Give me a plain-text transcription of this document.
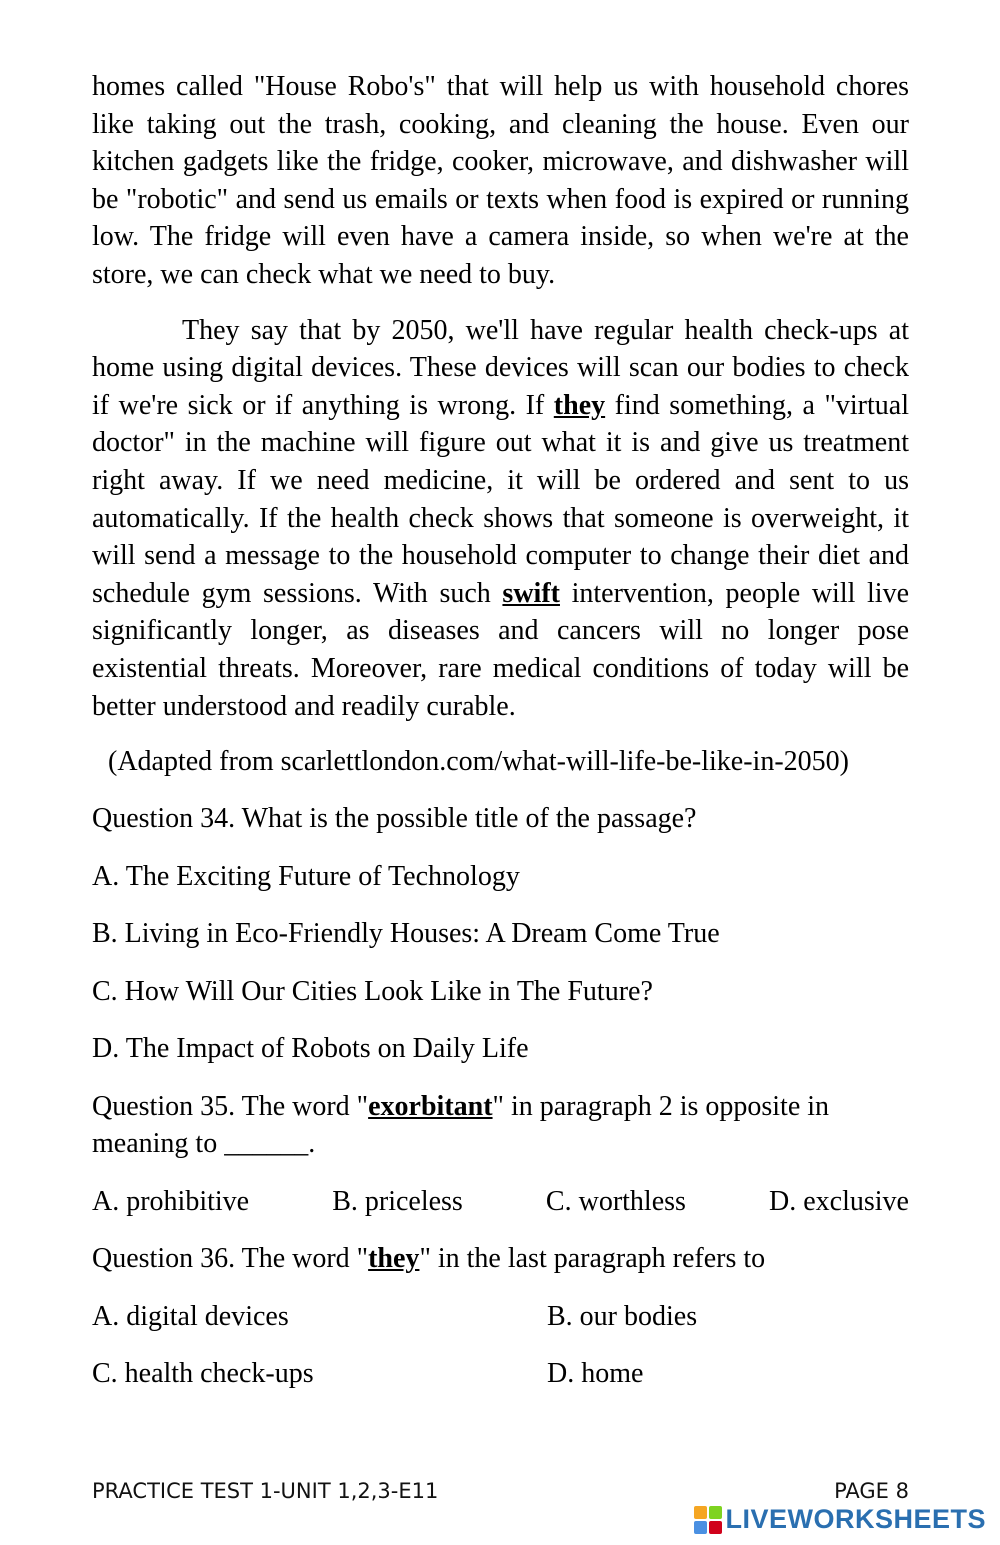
homes called "House Robo's" that will help us with household chores like taking out the trash, cooking, and cleaning the house. Even our kitchen gadgets like the fridge, cooker, microwave, and dishwasher will be "robotic" and send us emails or texts when food is expired or running low. The fridge will even have a camera inside, so when we're at the store, we can check what we need to buy.

They say that by 2050, we'll have regular health check-ups at home using digital devices. These devices will scan our bodies to check if we're sick or if anything is wrong. If they find something, a "virtual doctor" in the machine will figure out what it is and give us treatment right away. If we need medicine, it will be ordered and sent to us automatically. If the health check shows that someone is overweight, it will send a message to the household computer to change their diet and schedule gym sessions. With such swift intervention, people will live significantly longer, as diseases and cancers will no longer pose existential threats. Moreover, rare medical conditions of today will be better understood and readily curable.

(Adapted from scarlettlondon.com/what-will-life-be-like-in-2050)

Question 34. What is the possible title of the passage?

A. The Exciting Future of Technology

B. Living in Eco-Friendly Houses: A Dream Come True

C. How Will Our Cities Look Like in The Future?

D. The Impact of Robots on Daily Life

Question 35. The word "exorbitant" in paragraph 2 is opposite in meaning to ______.

A. prohibitive	B. priceless	C. worthless	D. exclusive

Question 36. The word "they" in the last paragraph refers to

A. digital devices	B. our bodies
C. health check-ups	D. home
PRACTICE TEST 1-UNIT 1,2,3-E11	PAGE 8
LIVEWORKSHEETS
